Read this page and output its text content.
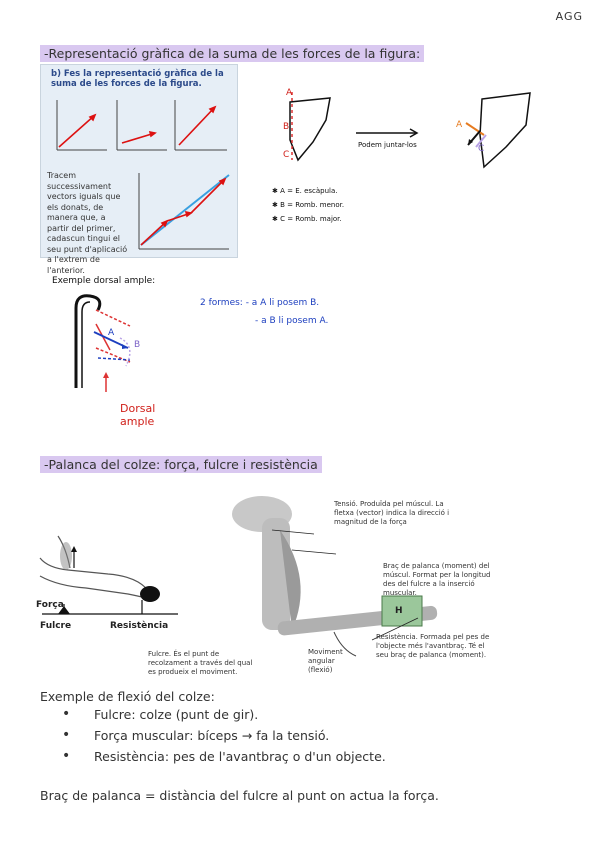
AGG
-Representació gràfica de la suma de les forces de la figura:
b) Fes la representació gràfica de la suma de les forces de la figura.
Tracem successivament vectors iguals que els donats, de manera que, a partir del primer, cadascun tingui el seu punt d'aplicació a l'extrem de l'anterior.
A
B
C
Podem juntar-los
A
C
✱ A = E. escàpula.
✱ B = Romb. menor.
✱ C = Romb. major.
Exemple dorsal ample:
A
B
Dorsal ample
2 formes: - a A li posem B.
- a B li posem A.
-Palanca del colze: força, fulcre i resistència
Força
Fulcre	Resistència
H
Tensió. Produïda pel múscul. La fletxa (vector) indica la direcció i magnitud de la força
Braç de palanca (moment) del múscul. Format per la longitud des del fulcre a la inserció muscular.
Resistència. Formada pel pes de l'objecte més l'avantbraç. Té el seu braç de palanca (moment).
Fulcre. És el punt de recolzament a través del qual es produeix el moviment.
Moviment angular (flexió)
Exemple de flexió del colze:
• Fulcre: colze (punt de gir).
• Força muscular: bíceps → fa la tensió.
• Resistència: pes de l'avantbraç o d'un objecte.
Braç de palanca = distància del fulcre al punt on actua la força.
